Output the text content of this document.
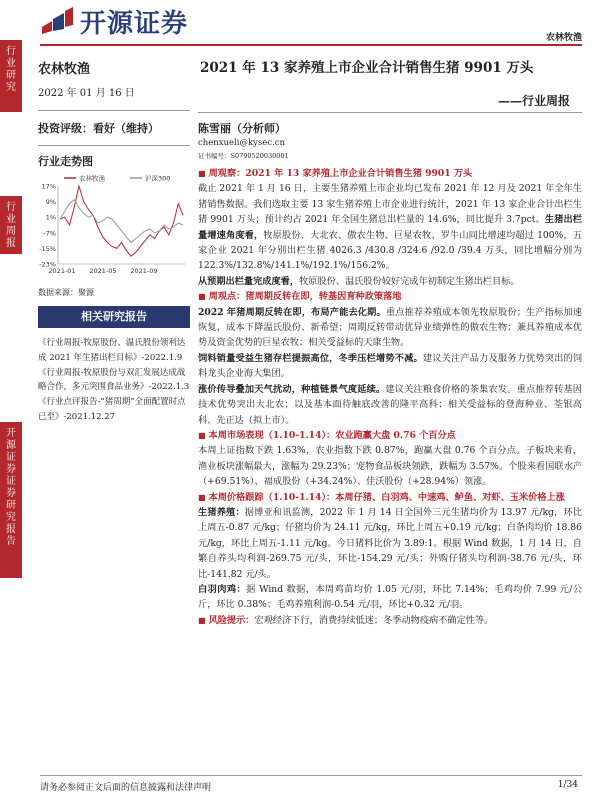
行业研究
行业周报
开源证券证券研究报告
开源证券	农林牧渔
农林牧渔
2022 年 01 月 16 日
投资评级：看好（维持）
行业走势图
17%
9%
1%
-7%
-15%
-23%
2021-01 2021-05 2021-09
农林牧渔	沪深300
数据来源：聚源
相关研究报告

《行业周报-牧原股份、温氏股份领利达成 2021 年生猪出栏目标》-2022.1.9

《行业周报-牧原股份与双汇发展达成战略合作，多元突围食品业务》-2022.1.3

《行业点评报告-“猪周期”全面配置时点已至》-2021.12.27

2021 年 13 家养殖上市企业合计销售生猪 9901 万头
——行业周报
陈雪丽（分析师）
chenxueli@kysec.cn
证书编号：S0790520030001
■ 周观察：2021 年 13 家养殖上市企业合计销售生猪 9901 万头

截止 2021 年 1 月 16 日，主要生猪养殖上市企业均已发布 2021 年 12 月及 2021 年全年生猪销售数据。我们选取主要 13 家生猪养殖上市企业进行统计，2021 年 13 家企业合计出栏生猪 9901 万头；预计约占 2021 年全国生猪总出栏量的 14.6%，同比提升 3.7pct。生猪出栏量增速角度看，牧原股份、大北农、傲农生物、巨星农牧、罗牛山同比增速均超过 100%，五家企业 2021 年分别出栏生猪 4026.3 /430.8 /324.6 /92.0 /39.4 万头，同比增幅分别为 122.3%/132.8%/141.1%/192.1%/156.2%。

从预期出栏量完成度看，牧原股份、温氏股份较好完成年初制定生猪出栏目标。

■ 周观点：猪周期反转在即，转基因育种政策落地

2022 年猪周期反转在即，布局产能去化期。重点推荐养殖成本领先牧原股份；生产指标加速恢复，成本下降温氏股份、新希望；周期反转带动优异业绩弹性的傲农生物；兼具养殖成本优势及资金优势的巨星农牧；相关受益标的天康生物。

饲料销量受益生猪存栏提振高位，冬季压栏增势不减。建议关注产品力及服务力优势突出的饲料龙头企业海大集团。

涨价传导叠加天气扰动，种植链景气度延续。建议关注粮食价格的茶集农发。重点推荐转基因技术优势突出大北农；以及基本面待触底改善的隆平高科；相关受益标的登海种业、荃银高科、先正达（拟上市）。

■ 本周市场表现（1.10-1.14）：农业跑赢大盘 0.76 个百分点

本周上证指数下跌 1.63%，农业指数下跌 0.87%，跑赢大盘 0.76 个百分点。子板块来看，渔业板块涨幅最大，涨幅为 29.23%；宠物食品板块领跌，跌幅为 3.57%。个股来看国联水产（+69.51%）、福成股份（+34.24%）、佳沃股份（+28.94%）领涨。

■ 本周价格跟踪（1.10-1.14）：本周仔猪、白羽鸡、中速鸡、鲈鱼、对虾、玉米价格上涨

生猪养殖：据博亚和讯监测，2022 年 1 月 14 日全国外三元生猪均价为 13.97 元/kg，环比上周五-0.87 元/kg；仔猪均价为 24.11 元/kg，环比上周五+0.19 元/kg；白条肉均价 18.86 元/kg，环比上周五-1.11 元/kg。今日猪料比价为 3.89:1。根据 Wind 数据，1 月 14 日，自繁自养头均利润-269.75 元/头，环比-154.29 元/头；外购仔猪头均利润-38.76 元/头，环比-141.82 元/头。

白羽肉鸡：据 Wind 数据，本周鸡苗均价 1.05 元/羽，环比 7.14%；毛鸡均价 7.99 元/公斤，环比 0.38%；毛鸡养殖利润-0.54 元/羽，环比+0.32 元/羽。

■ 风险提示： 宏观经济下行，消费持续低迷；冬季动物疫病不确定性等。
请务必参阅正文后面的信息披露和法律声明	1/34
